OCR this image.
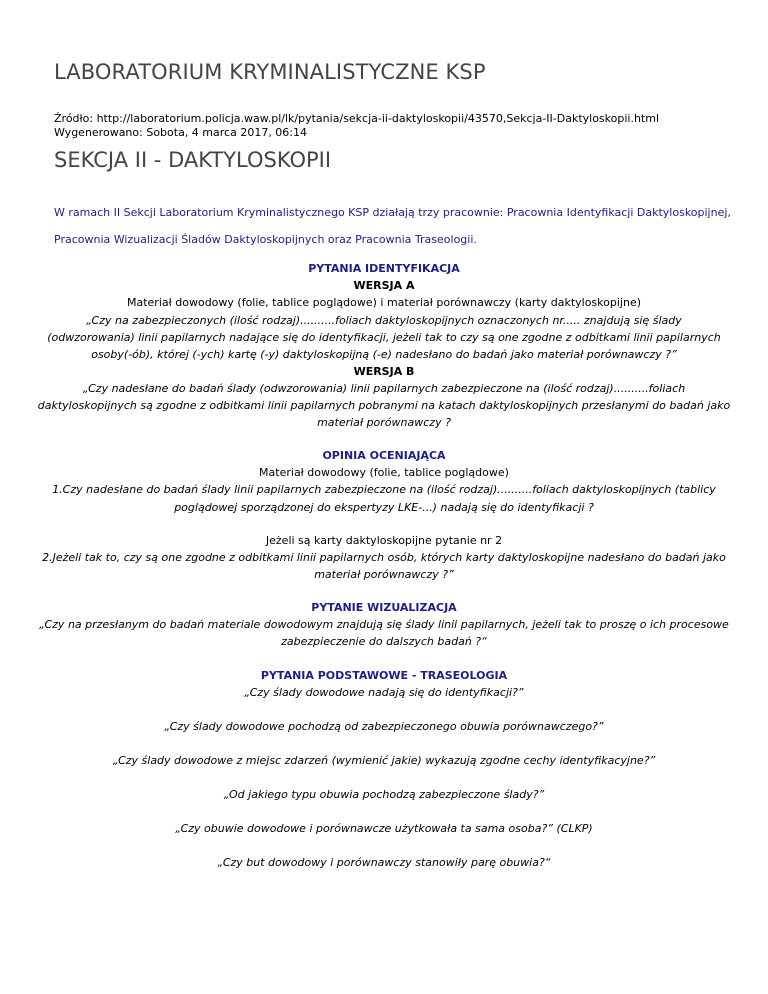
LABORATORIUM KRYMINALISTYCZNE KSP
Źródło: http://laboratorium.policja.waw.pl/lk/pytania/sekcja-ii-daktyloskopii/43570,Sekcja-II-Daktyloskopii.html
Wygenerowano: Sobota, 4 marca 2017, 06:14
SEKCJA II - DAKTYLOSKOPII
W ramach II Sekcji Laboratorium Kryminalistycznego KSP działają trzy pracownie: Pracownia Identyfikacji Daktyloskopijnej,
Pracownia Wizualizacji Śladów Daktyloskopijnych oraz Pracownia Traseologii.
PYTANIA IDENTYFIKACJA
WERSJA A
Materiał dowodowy (folie, tablice poglądowe) i materiał porównawczy (karty daktyloskopijne)
„Czy na zabezpieczonych (ilość rodzaj)..........foliach daktyloskopijnych oznaczonych nr..... znajdują się ślady
(odwzorowania) linii papilarnych nadające się do identyfikacji, jeżeli tak to czy są one zgodne z odbitkami linii papilarnych
osoby(-ób), której (-ych) kartę (-y) daktyloskopijną (-e) nadesłano do badań jako materiał porównawczy ?”
WERSJA B
„Czy nadesłane do badań ślady (odwzorowania) linii papilarnych zabezpieczone na (ilość rodzaj)..........foliach
daktyloskopijnych są zgodne z odbitkami linii papilarnych pobranymi na katach daktyloskopijnych przesłanymi do badań jako
materiał porównawczy ?
OPINIA OCENIAJĄCA
Materiał dowodowy (folie, tablice poglądowe)
1.Czy nadesłane do badań ślady linii papilarnych zabezpieczone na (ilość rodzaj)..........foliach daktyloskopijnych (tablicy
poglądowej sporządzonej do ekspertyzy LKE-...) nadają się do identyfikacji ?
Jeżeli są karty daktyloskopijne pytanie nr 2
2.Jeżeli tak to, czy są one zgodne z odbitkami linii papilarnych osób, których karty daktyloskopijne nadesłano do badań jako
materiał porównawczy ?”
PYTANIE WIZUALIZACJA
„Czy na przesłanym do badań materiale dowodowym znajdują się ślady linii papilarnych, jeżeli tak to proszę o ich procesowe
zabezpieczenie do dalszych badań ?“
PYTANIA PODSTAWOWE - TRASEOLOGIA
„Czy ślady dowodowe nadają się do identyfikacji?”
„Czy ślady dowodowe pochodzą od zabezpieczonego obuwia porównawczego?”
„Czy ślady dowodowe z miejsc zdarzeń (wymienić jakie) wykazują zgodne cechy identyfikacyjne?”
„Od jakiego typu obuwia pochodzą zabezpieczone ślady?”
„Czy obuwie dowodowe i porównawcze użytkowała ta sama osoba?” (CLKP)
„Czy but dowodowy i porównawczy stanowiły parę obuwia?“
